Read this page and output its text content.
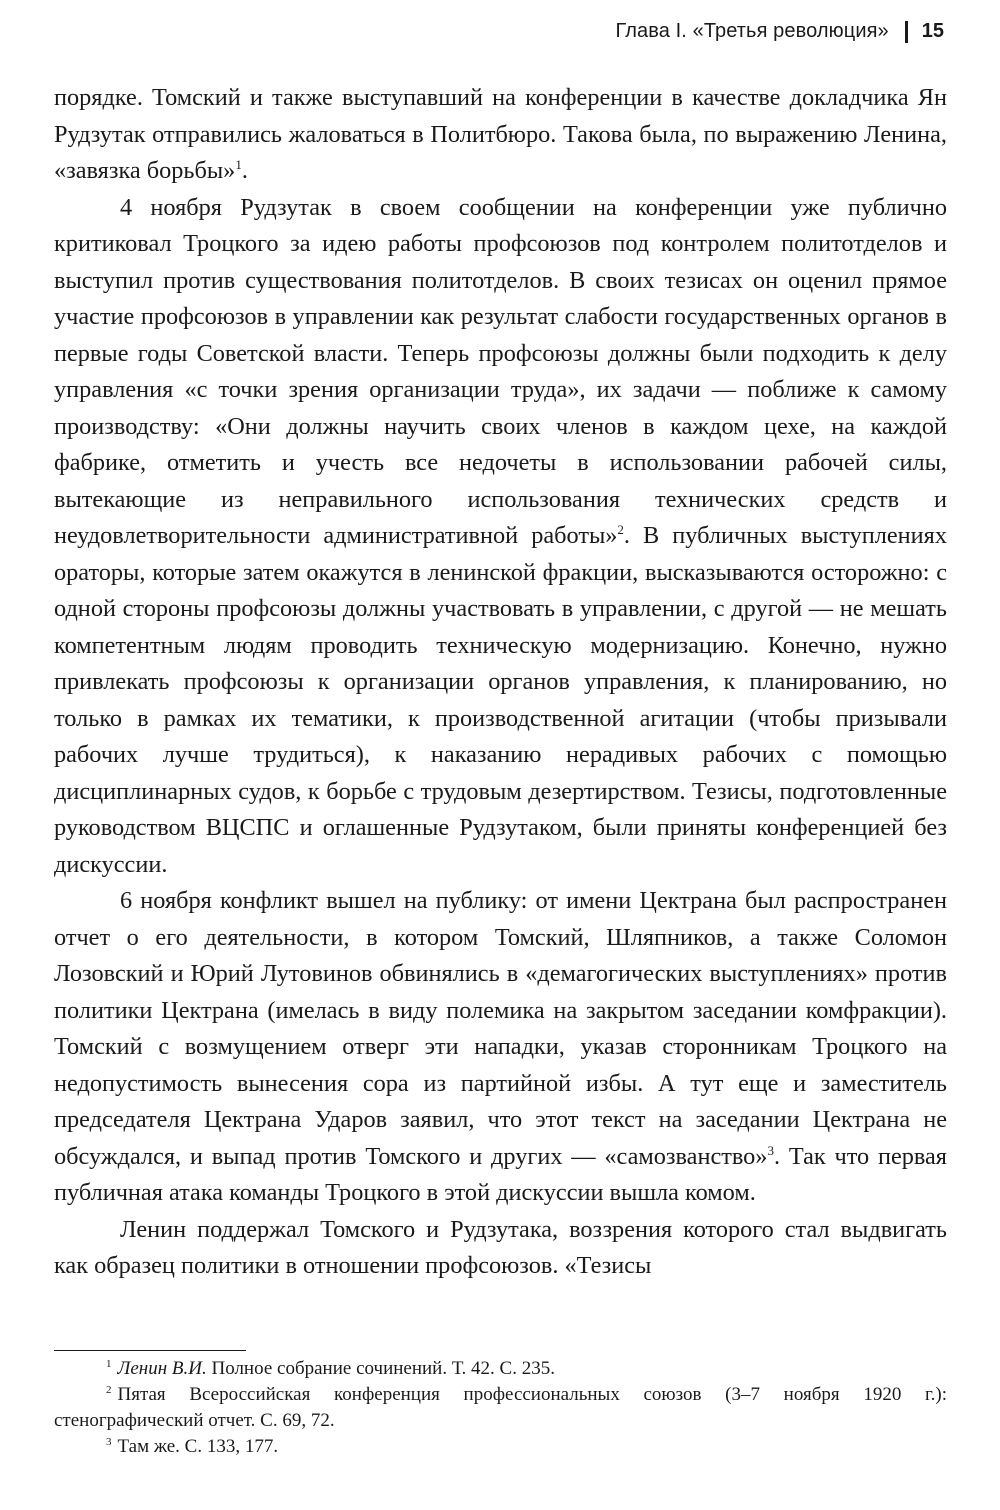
Глава I. «Третья революция» 15

порядке. Томский и также выступавший на конференции в качестве докладчика Ян Рудзутак отправились жаловаться в Политбюро. Такова была, по выражению Ленина, «завязка борьбы»$^1$.

4 ноября Рудзутак в своем сообщении на конференции уже публично критиковал Троцкого за идею работы профсоюзов под контролем политотделов и выступил против существования политотделов. В своих тезисах он оценил прямое участие профсоюзов в управлении как результат слабости государственных органов в первые годы Советской власти. Теперь профсоюзы должны были подходить к делу управления «с точки зрения организации труда», их задачи — поближе к самому производству: «Они должны научить своих членов в каждом цехе, на каждой фабрике, отметить и учесть все недочеты в использовании рабочей силы, вытекающие из неправильного использования технических средств и неудовлетворительности административной работы»$^2$. В публичных выступлениях ораторы, которые затем окажутся в ленинской фракции, высказываются осторожно: с одной стороны профсоюзы должны участвовать в управлении, с другой — не мешать компетентным людям проводить техническую модернизацию. Конечно, нужно привлекать профсоюзы к организации органов управления, к планированию, но только в рамках их тематики, к производственной агитации (чтобы призывали рабочих лучше трудиться), к наказанию нерадивых рабочих с помощью дисциплинарных судов, к борьбе с трудовым дезертирством. Тезисы, подготовленные руководством ВЦСПС и оглашенные Рудзутаком, были приняты конференцией без дискуссии.

6 ноября конфликт вышел на публику: от имени Цектрана был распространен отчет о его деятельности, в котором Томский, Шляпников, а также Соломон Лозовский и Юрий Лутовинов обвинялись в «демагогических выступлениях» против политики Цектрана (имелась в виду полемика на закрытом заседании комфракции). Томский с возмущением отверг эти нападки, указав сторонникам Троцкого на недопустимость вынесения сора из партийной избы. А тут еще и заместитель председателя Цектрана Ударов заявил, что этот текст на заседании Цектрана не обсуждался, и выпад против Томского и других — «самозванство»$^3$. Так что первая публичная атака команды Троцкого в этой дискуссии вышла комом.

Ленин поддержал Томского и Рудзутака, воззрения которого стал выдвигать как образец политики в отношении профсоюзов. «Тезисы

$^1$ Ленин В.И. Полное собрание сочинений. Т. 42. С. 235.

$^2$ Пятая Всероссийская конференция профессиональных союзов (3–7 ноября 1920 г.): стенографический отчет. С. 69, 72.

$^3$ Там же. С. 133, 177.
